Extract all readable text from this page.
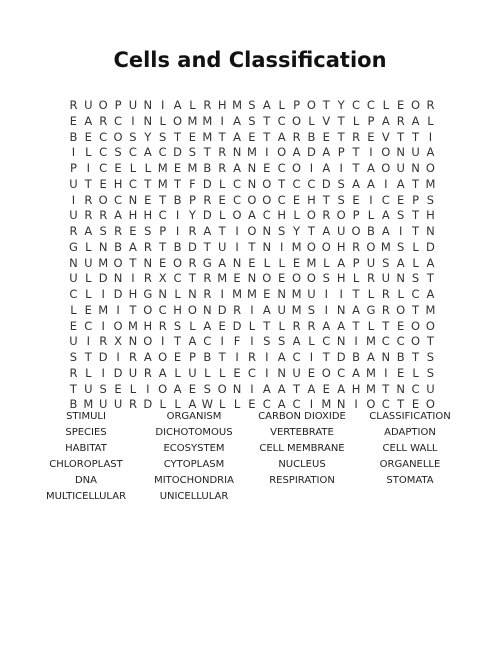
Cells and Classification
R U O P U N I A L R H M S A L P O T Y C C L E O R
E A R C I N L O M M I A S T C O L V T L P A R A L
B E C O S Y S T E M T A E T A R B E T R E V T T I
I L C S C A C D S T R N M I O A D A P T I O N U A
P I C E L L M E M B R A N E C O I A I T A O U N O
U T E H C T M T F D L C N O T C C D S A A I A T M
I R O C N E T B P R E C O O C E H T S E I C E P S
U R R A H H C I Y D L O A C H L O R O P L A S T H
R A S R E S P I R A T I O N S Y T A U O B A I T N
G L N B A R T B D T U I T N I M O O H R O M S L D
N U M O T N E O R G A N E L L E M L A P U S A L A
U L D N I R X C T R M E N O E O O S H L R U N S T
C L I D H G N L N R I M M E N M U I I T L R L C A
L E M I T O C H O N D R I A U M S I N A G R O T M
E C I O M H R S L A E D L T L R R A A T L T E O O
U I R X N O I T A C I F I S S A L C N I M C C O T
S T D I R A O E P B T I R I A C I T D B A N B T S
R L I D U R A L U L L E C I N U E O C A M I E L S
T U S E L I O A E S O N I A A T A E A H M T N C U
B M U U R D L L A W L L E C A C I M N I O C T E O
STIMULI	ORGANISM	CARBON DIOXIDE	CLASSIFICATION
SPECIES	DICHOTOMOUS	VERTEBRATE	ADAPTION
HABITAT	ECOSYSTEM	CELL MEMBRANE	CELL WALL
CHLOROPLAST	CYTOPLASM	NUCLEUS	ORGANELLE
DNA	MITOCHONDRIA	RESPIRATION	STOMATA
MULTICELLULAR	UNICELLULAR
